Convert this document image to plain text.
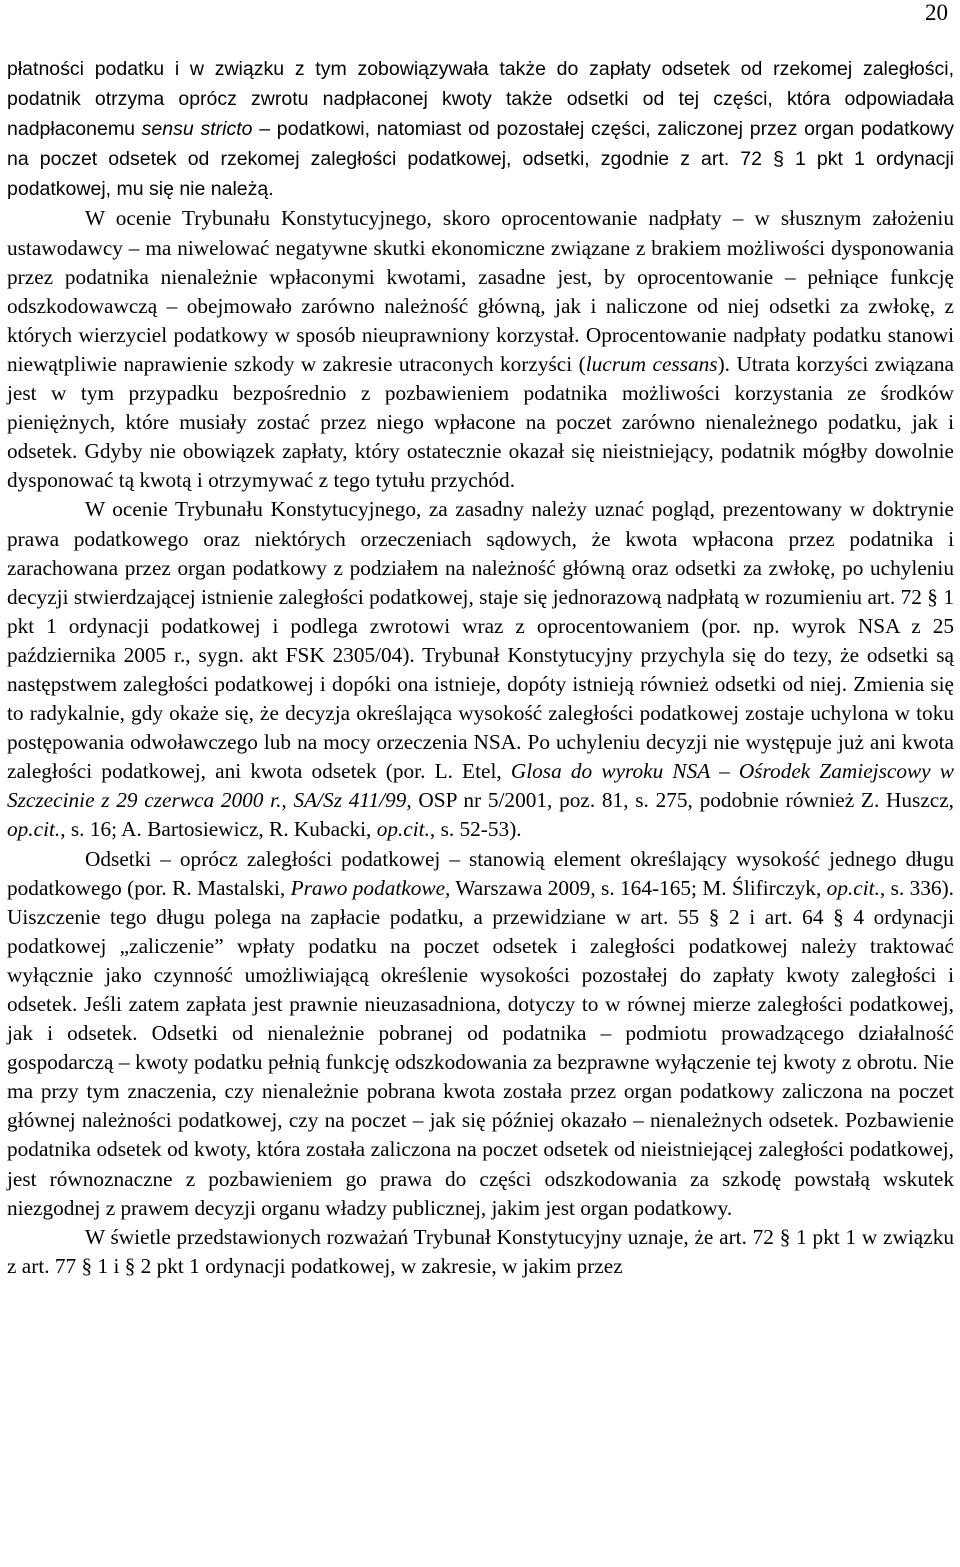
20

płatności podatku i w związku z tym zobowiązywała także do zapłaty odsetek od rzekomej zaległości, podatnik otrzyma oprócz zwrotu nadpłaconej kwoty także odsetki od tej części, która odpowiadała nadpłaconemu sensu stricto – podatkowi, natomiast od pozostałej części, zaliczonej przez organ podatkowy na poczet odsetek od rzekomej zaległości podatkowej, odsetki, zgodnie z art. 72 § 1 pkt 1 ordynacji podatkowej, mu się nie należą.

W ocenie Trybunału Konstytucyjnego, skoro oprocentowanie nadpłaty – w słusznym założeniu ustawodawcy – ma niwelować negatywne skutki ekonomiczne związane z brakiem możliwości dysponowania przez podatnika nienależnie wpłaconymi kwotami, zasadne jest, by oprocentowanie – pełniące funkcję odszkodowawczą – obejmowało zarówno należność główną, jak i naliczone od niej odsetki za zwłokę, z których wierzyciel podatkowy w sposób nieuprawniony korzystał. Oprocentowanie nadpłaty podatku stanowi niewątpliwie naprawienie szkody w zakresie utraconych korzyści (lucrum cessans). Utrata korzyści związana jest w tym przypadku bezpośrednio z pozbawieniem podatnika możliwości korzystania ze środków pieniężnych, które musiały zostać przez niego wpłacone na poczet zarówno nienależnego podatku, jak i odsetek. Gdyby nie obowiązek zapłaty, który ostatecznie okazał się nieistniejący, podatnik mógłby dowolnie dysponować tą kwotą i otrzymywać z tego tytułu przychód.

W ocenie Trybunału Konstytucyjnego, za zasadny należy uznać pogląd, prezentowany w doktrynie prawa podatkowego oraz niektórych orzeczeniach sądowych, że kwota wpłacona przez podatnika i zarachowana przez organ podatkowy z podziałem na należność główną oraz odsetki za zwłokę, po uchyleniu decyzji stwierdzającej istnienie zaległości podatkowej, staje się jednorazową nadpłatą w rozumieniu art. 72 § 1 pkt 1 ordynacji podatkowej i podlega zwrotowi wraz z oprocentowaniem (por. np. wyrok NSA z 25 października 2005 r., sygn. akt FSK 2305/04). Trybunał Konstytucyjny przychyla się do tezy, że odsetki są następstwem zaległości podatkowej i dopóki ona istnieje, dopóty istnieją również odsetki od niej. Zmienia się to radykalnie, gdy okaże się, że decyzja określająca wysokość zaległości podatkowej zostaje uchylona w toku postępowania odwoławczego lub na mocy orzeczenia NSA. Po uchyleniu decyzji nie występuje już ani kwota zaległości podatkowej, ani kwota odsetek (por. L. Etel, Glosa do wyroku NSA – Ośrodek Zamiejscowy w Szczecinie z 29 czerwca 2000 r., SA/Sz 411/99, OSP nr 5/2001, poz. 81, s. 275, podobnie również Z. Huszcz, op.cit., s. 16; A. Bartosiewicz, R. Kubacki, op.cit., s. 52-53).

Odsetki – oprócz zaległości podatkowej – stanowią element określający wysokość jednego długu podatkowego (por. R. Mastalski, Prawo podatkowe, Warszawa 2009, s. 164-165; M. Ślifirczyk, op.cit., s. 336). Uiszczenie tego długu polega na zapłacie podatku, a przewidziane w art. 55 § 2 i art. 64 § 4 ordynacji podatkowej „zaliczenie” wpłaty podatku na poczet odsetek i zaległości podatkowej należy traktować wyłącznie jako czynność umożliwiającą określenie wysokości pozostałej do zapłaty kwoty zaległości i odsetek. Jeśli zatem zapłata jest prawnie nieuzasadniona, dotyczy to w równej mierze zaległości podatkowej, jak i odsetek. Odsetki od nienależnie pobranej od podatnika – podmiotu prowadzącego działalność gospodarczą – kwoty podatku pełnią funkcję odszkodowania za bezprawne wyłączenie tej kwoty z obrotu. Nie ma przy tym znaczenia, czy nienależnie pobrana kwota została przez organ podatkowy zaliczona na poczet głównej należności podatkowej, czy na poczet – jak się później okazało – nienależnych odsetek. Pozbawienie podatnika odsetek od kwoty, która została zaliczona na poczet odsetek od nieistniejącej zaległości podatkowej, jest równoznaczne z pozbawieniem go prawa do części odszkodowania za szkodę powstałą wskutek niezgodnej z prawem decyzji organu władzy publicznej, jakim jest organ podatkowy.

W świetle przedstawionych rozważań Trybunał Konstytucyjny uznaje, że art. 72 § 1 pkt 1 w związku z art. 77 § 1 i § 2 pkt 1 ordynacji podatkowej, w zakresie, w jakim przez
